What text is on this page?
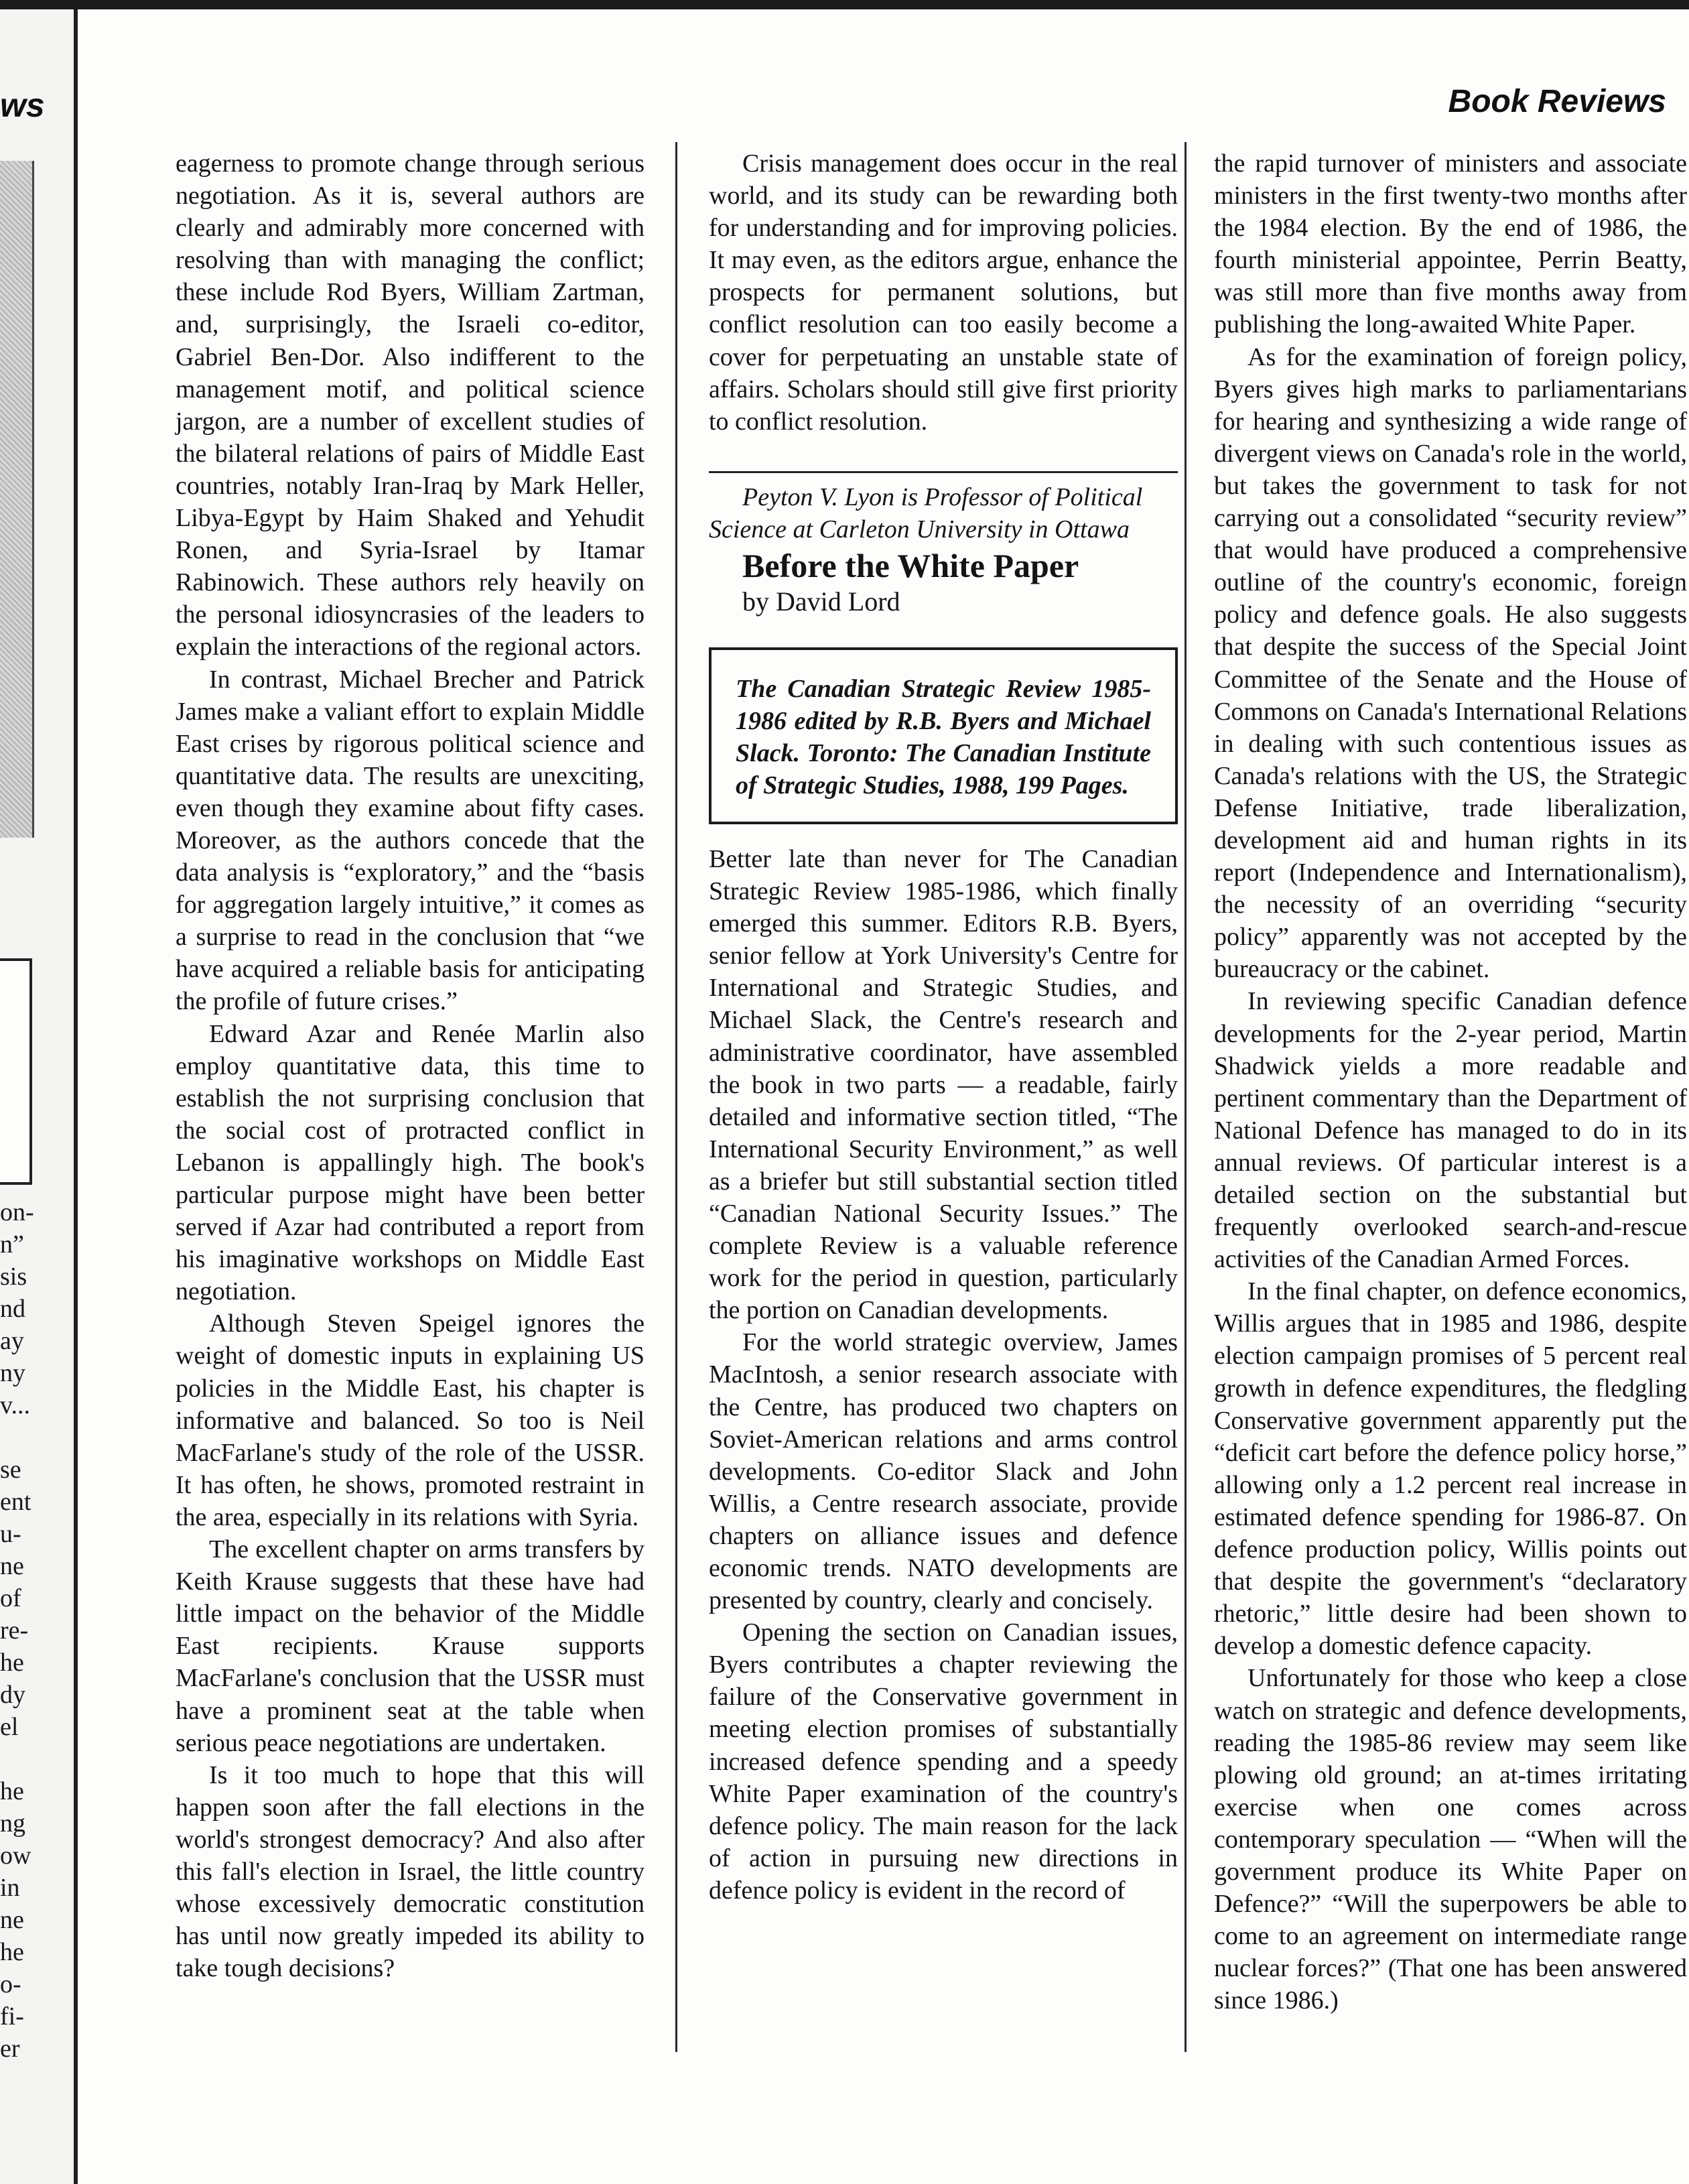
ws
on-
n”
sis
nd
ay
ny
v...
se
ent
u-
ne
of
re-
he
dy
el
he
ng
ow
in
ne
he
o-
fi-
er
Book Reviews

eagerness to promote change through serious negotiation. As it is, several authors are clearly and admirably more concerned with resolving than with managing the conflict; these include Rod Byers, William Zartman, and, surprisingly, the Israeli co-editor, Gabriel Ben-Dor. Also indifferent to the management motif, and political science jargon, are a number of excellent studies of the bilateral relations of pairs of Middle East countries, notably Iran-Iraq by Mark Heller, Libya-Egypt by Haim Shaked and Yehudit Ronen, and Syria-Israel by Itamar Rabinowich. These authors rely heavily on the personal idiosyncrasies of the leaders to explain the interactions of the regional actors.

In contrast, Michael Brecher and Patrick James make a valiant effort to explain Middle East crises by rigorous political science and quantitative data. The results are unexciting, even though they examine about fifty cases. Moreover, as the authors concede that the data analysis is “exploratory,” and the “basis for aggregation largely intuitive,” it comes as a surprise to read in the conclusion that “we have acquired a reliable basis for anticipating the profile of future crises.”

Edward Azar and Renée Marlin also employ quantitative data, this time to establish the not surprising conclusion that the social cost of protracted conflict in Lebanon is appallingly high. The book's particular purpose might have been better served if Azar had contributed a report from his imaginative workshops on Middle East negotiation.

Although Steven Speigel ignores the weight of domestic inputs in explaining US policies in the Middle East, his chapter is informative and balanced. So too is Neil MacFarlane's study of the role of the USSR. It has often, he shows, promoted restraint in the area, especially in its relations with Syria.

The excellent chapter on arms transfers by Keith Krause suggests that these have had little impact on the behavior of the Middle East recipients. Krause supports MacFarlane's conclusion that the USSR must have a prominent seat at the table when serious peace negotiations are undertaken.

Is it too much to hope that this will happen soon after the fall elections in the world's strongest democracy? And also after this fall's election in Israel, the little country whose excessively democratic constitution has until now greatly impeded its ability to take tough decisions?

Crisis management does occur in the real world, and its study can be rewarding both for understanding and for improving policies. It may even, as the editors argue, enhance the prospects for permanent solutions, but conflict resolution can too easily become a cover for perpetuating an unstable state of affairs. Scholars should still give first priority to conflict resolution.

Peyton V. Lyon is Professor of Political Science at Carleton University in Ottawa

Before the White Paper

by David Lord

The Canadian Strategic Review 1985-1986 edited by R.B. Byers and Michael Slack. Toronto: The Canadian Institute of Strategic Studies, 1988, 199 Pages.

Better late than never for The Canadian Strategic Review 1985-1986, which finally emerged this summer. Editors R.B. Byers, senior fellow at York University's Centre for International and Strategic Studies, and Michael Slack, the Centre's research and administrative coordinator, have assembled the book in two parts — a readable, fairly detailed and informative section titled, “The International Security Environment,” as well as a briefer but still substantial section titled “Canadian National Security Issues.” The complete Review is a valuable reference work for the period in question, particularly the portion on Canadian developments.

For the world strategic overview, James MacIntosh, a senior research associate with the Centre, has produced two chapters on Soviet-American relations and arms control developments. Co-editor Slack and John Willis, a Centre research associate, provide chapters on alliance issues and defence economic trends. NATO developments are presented by country, clearly and concisely.

Opening the section on Canadian issues, Byers contributes a chapter reviewing the failure of the Conservative government in meeting election promises of substantially increased defence spending and a speedy White Paper examination of the country's defence policy. The main reason for the lack of action in pursuing new directions in defence policy is evident in the record of

the rapid turnover of ministers and associate ministers in the first twenty-two months after the 1984 election. By the end of 1986, the fourth ministerial appointee, Perrin Beatty, was still more than five months away from publishing the long-awaited White Paper.

As for the examination of foreign policy, Byers gives high marks to parliamentarians for hearing and synthesizing a wide range of divergent views on Canada's role in the world, but takes the government to task for not carrying out a consolidated “security review” that would have produced a comprehensive outline of the country's economic, foreign policy and defence goals. He also suggests that despite the success of the Special Joint Committee of the Senate and the House of Commons on Canada's International Relations in dealing with such contentious issues as Canada's relations with the US, the Strategic Defense Initiative, trade liberalization, development aid and human rights in its report (Independence and Internationalism), the necessity of an overriding “security policy” apparently was not accepted by the bureaucracy or the cabinet.

In reviewing specific Canadian defence developments for the 2-year period, Martin Shadwick yields a more readable and pertinent commentary than the Department of National Defence has managed to do in its annual reviews. Of particular interest is a detailed section on the substantial but frequently overlooked search-and-rescue activities of the Canadian Armed Forces.

In the final chapter, on defence economics, Willis argues that in 1985 and 1986, despite election campaign promises of 5 percent real growth in defence expenditures, the fledgling Conservative government apparently put the “deficit cart before the defence policy horse,” allowing only a 1.2 percent real increase in estimated defence spending for 1986-87. On defence production policy, Willis points out that despite the government's “declaratory rhetoric,” little desire had been shown to develop a domestic defence capacity.

Unfortunately for those who keep a close watch on strategic and defence developments, reading the 1985-86 review may seem like plowing old ground; an at-times irritating exercise when one comes across contemporary speculation — “When will the government produce its White Paper on Defence?” “Will the superpowers be able to come to an agreement on intermediate range nuclear forces?” (That one has been answered since 1986.)
